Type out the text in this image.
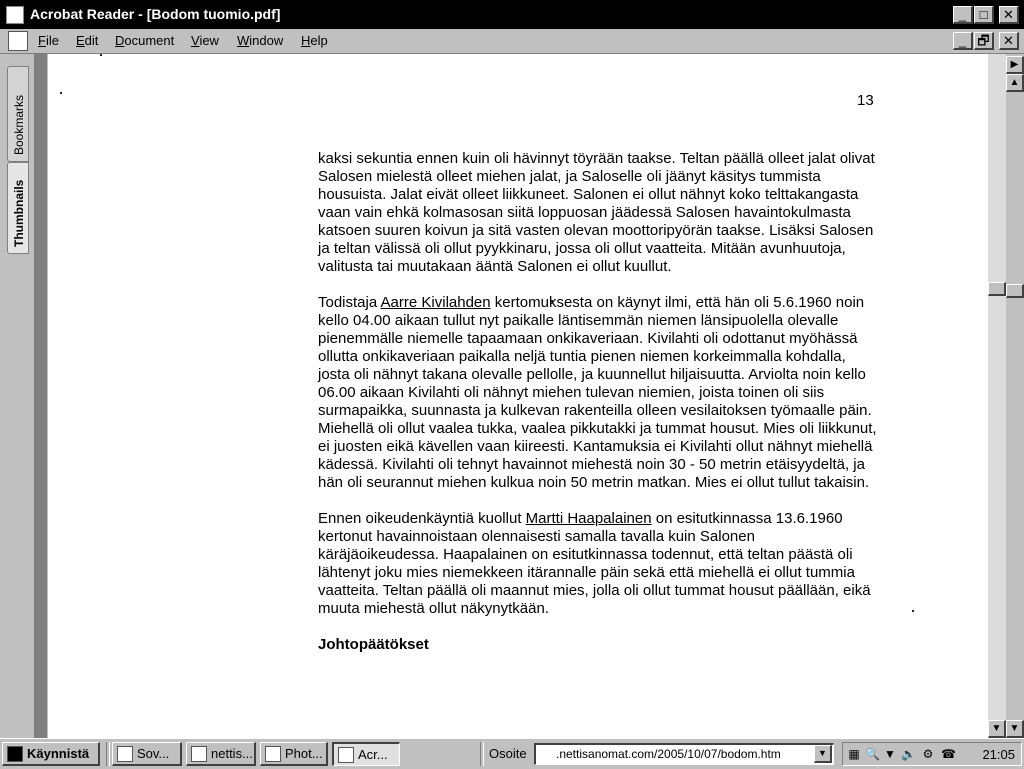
Acrobat Reader - [Bodom tuomio.pdf]	_	□	✕
File Edit Document View Window Help	_ 🗗	✕
Bookmarks
Thumbnails
13

kaksi sekuntia ennen kuin oli hävinnyt töyrään taakse. Teltan päällä olleet jalat olivat Salosen mielestä olleet miehen jalat, ja Saloselle oli jäänyt käsitys tummista housuista. Jalat eivät olleet liikkuneet. Salonen ei ollut nähnyt koko telttakangasta vaan vain ehkä kolmasosan siitä loppuosan jäädessä Salosen havaintokulmasta katsoen suuren koivun ja sitä vasten olevan moottoripyörän taakse. Lisäksi Salosen ja teltan välissä oli ollut pyykkinaru, jossa oli ollut vaatteita. Mitään avunhuutoja, valitusta tai muutakaan ääntä Salonen ei ollut kuullut.

Todistaja Aarre Kivilahden kertomuksesta on käynyt ilmi, että hän oli 5.6.1960 noin kello 04.00 aikaan tullut nyt paikalle läntisemmän niemen länsipuolella olevalle pienemmälle niemelle tapaamaan onkikaveriaan. Kivilahti oli odottanut myöhässä ollutta onkikaveriaan paikalla neljä tuntia pienen niemen korkeimmalla kohdalla, josta oli nähnyt takana olevalle pellolle, ja kuunnellut hiljaisuutta. Arviolta noin kello 06.00 aikaan Kivilahti oli nähnyt miehen tulevan niemien, joista toinen oli siis surmapaikka, suunnasta ja kulkevan rakenteilla olleen vesilaitoksen työmaalle päin. Miehellä oli ollut vaalea tukka, vaalea pikkutakki ja tummat housut. Mies oli liikkunut, ei juosten eikä kävellen vaan kiireesti. Kantamuksia ei Kivilahti ollut nähnyt miehellä kädessä. Kivilahti oli tehnyt havainnot miehestä noin 30 - 50 metrin etäisyydeltä, ja hän oli seurannut miehen kulkua noin 50 metrin matkan. Mies ei ollut tullut takaisin.

Ennen oikeudenkäyntiä kuollut Martti Haapalainen on esitutkinnassa 13.6.1960 kertonut havainnoistaan olennaisesti samalla tavalla kuin Salonen käräjäoikeudessa. Haapalainen on esitutkinnassa todennut, että teltan päästä oli lähtenyt joku mies niemekkeen itärannalle päin sekä että miehellä ei ollut tummia vaatteita. Teltan päällä oli maannut mies, jolla oli ollut tummat housut päällään, eikä muuta miehestä ollut näkynytkään.

Johtopäätökset

▼
▶
▲
▼
Käynnistä	Sov...	nettis... Phot...	Acr...	Osoite	.nettisanomat.com/2005/10/07/bodom.htm	▼	▦ 🔍 ▼ 🔈 ⚙ ☎ 21:05
